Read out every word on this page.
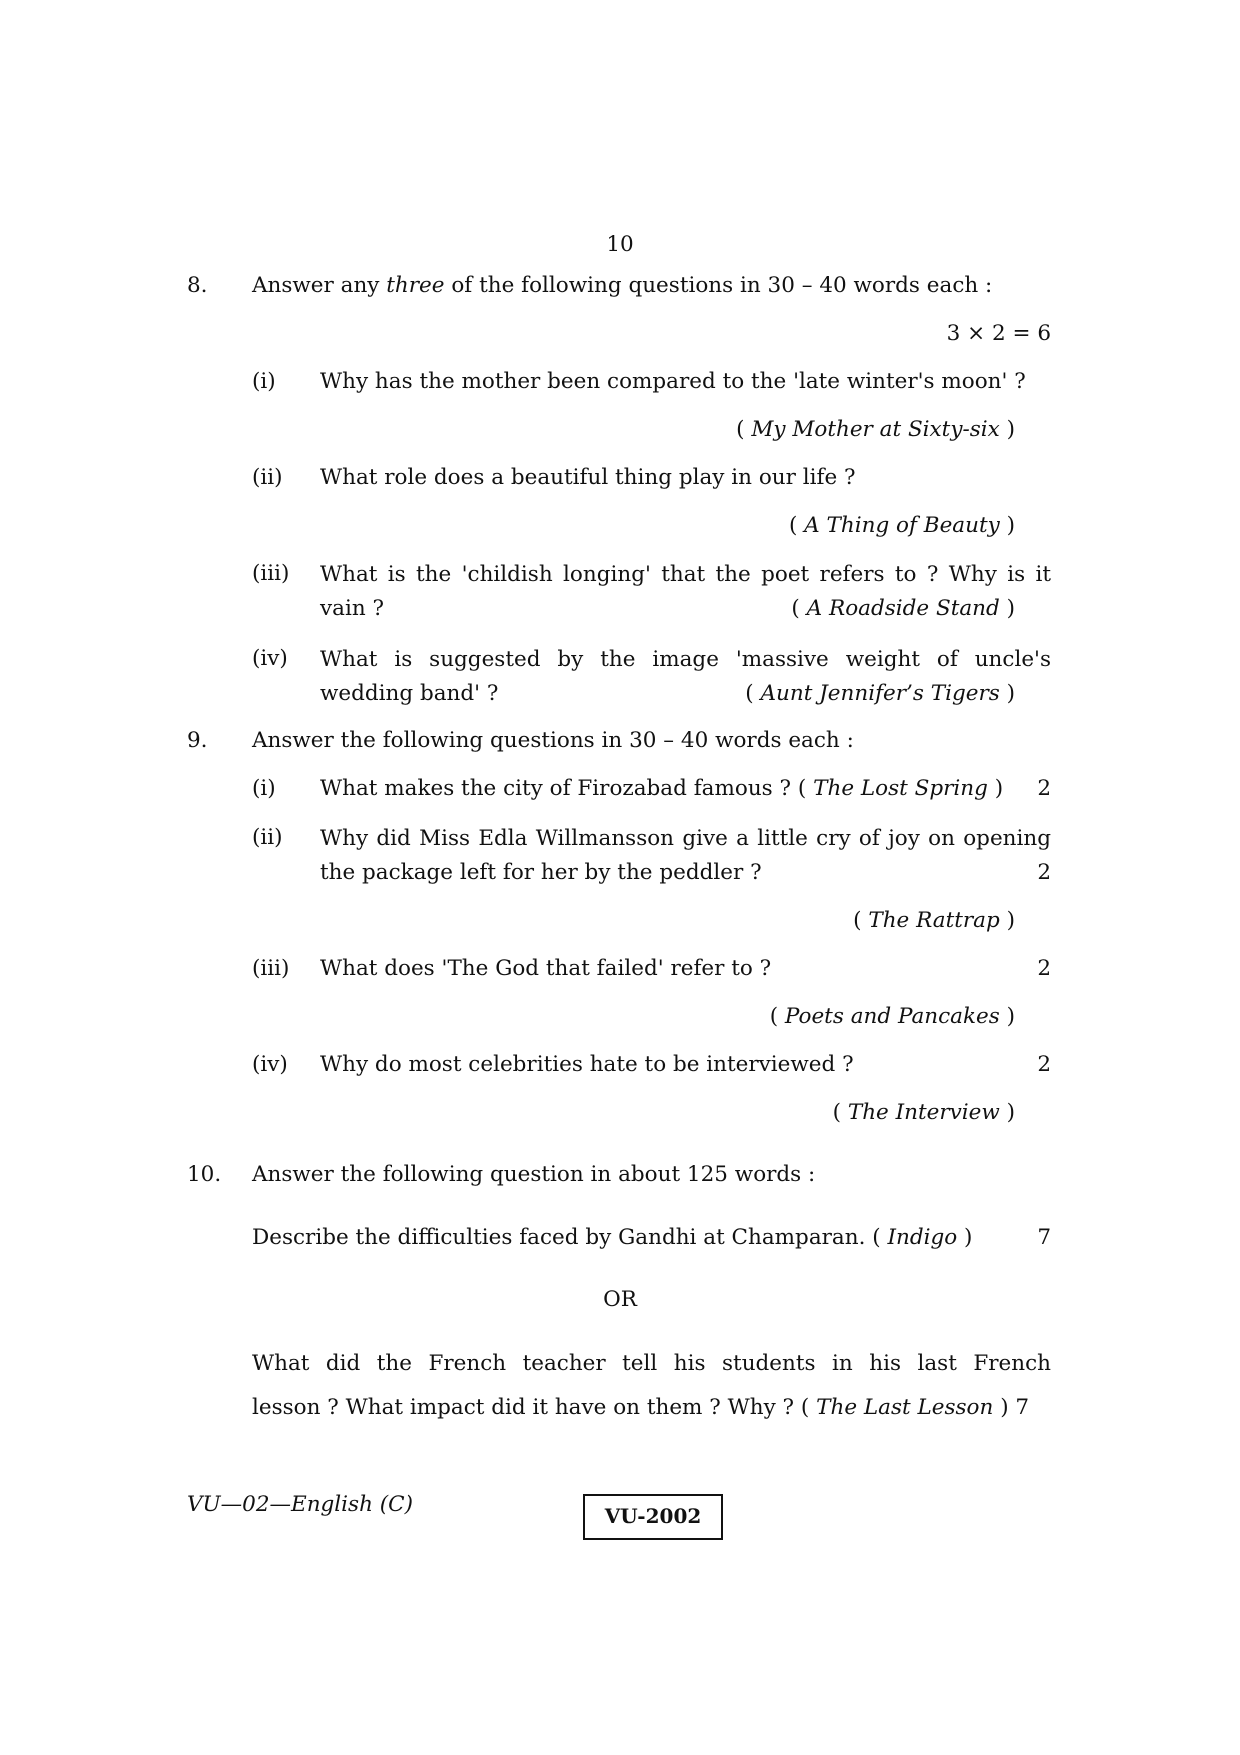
10
8. Answer any three of the following questions in 30 – 40 words each :
3 × 2 = 6
(i) Why has the mother been compared to the 'late winter's moon' ?
( My Mother at Sixty-six )
(ii) What role does a beautiful thing play in our life ?
( A Thing of Beauty )
(iii) What is the 'childish longing' that the poet refers to ? Why is it
vain ?	( A Roadside Stand )
(iv) What is suggested by the image 'massive weight of uncle's
wedding band' ?	( Aunt Jennifer’s Tigers )
9. Answer the following questions in 30 – 40 words each :
(i) What makes the city of Firozabad famous ? ( The Lost Spring ) 2
(ii) Why did Miss Edla Willmansson give a little cry of joy on opening
the package left for her by the peddler ?	2
( The Rattrap )
(iii) What does 'The God that failed' refer to ?	2
( Poets and Pancakes )
(iv) Why do most celebrities hate to be interviewed ?	2
( The Interview )
10. Answer the following question in about 125 words :
Describe the difficulties faced by Gandhi at Champaran. ( Indigo )	7
OR
What did the French teacher tell his students in his last French
lesson ? What impact did it have on them ? Why ? ( The Last Lesson ) 7
VU—02—English (C)	VU-2002
